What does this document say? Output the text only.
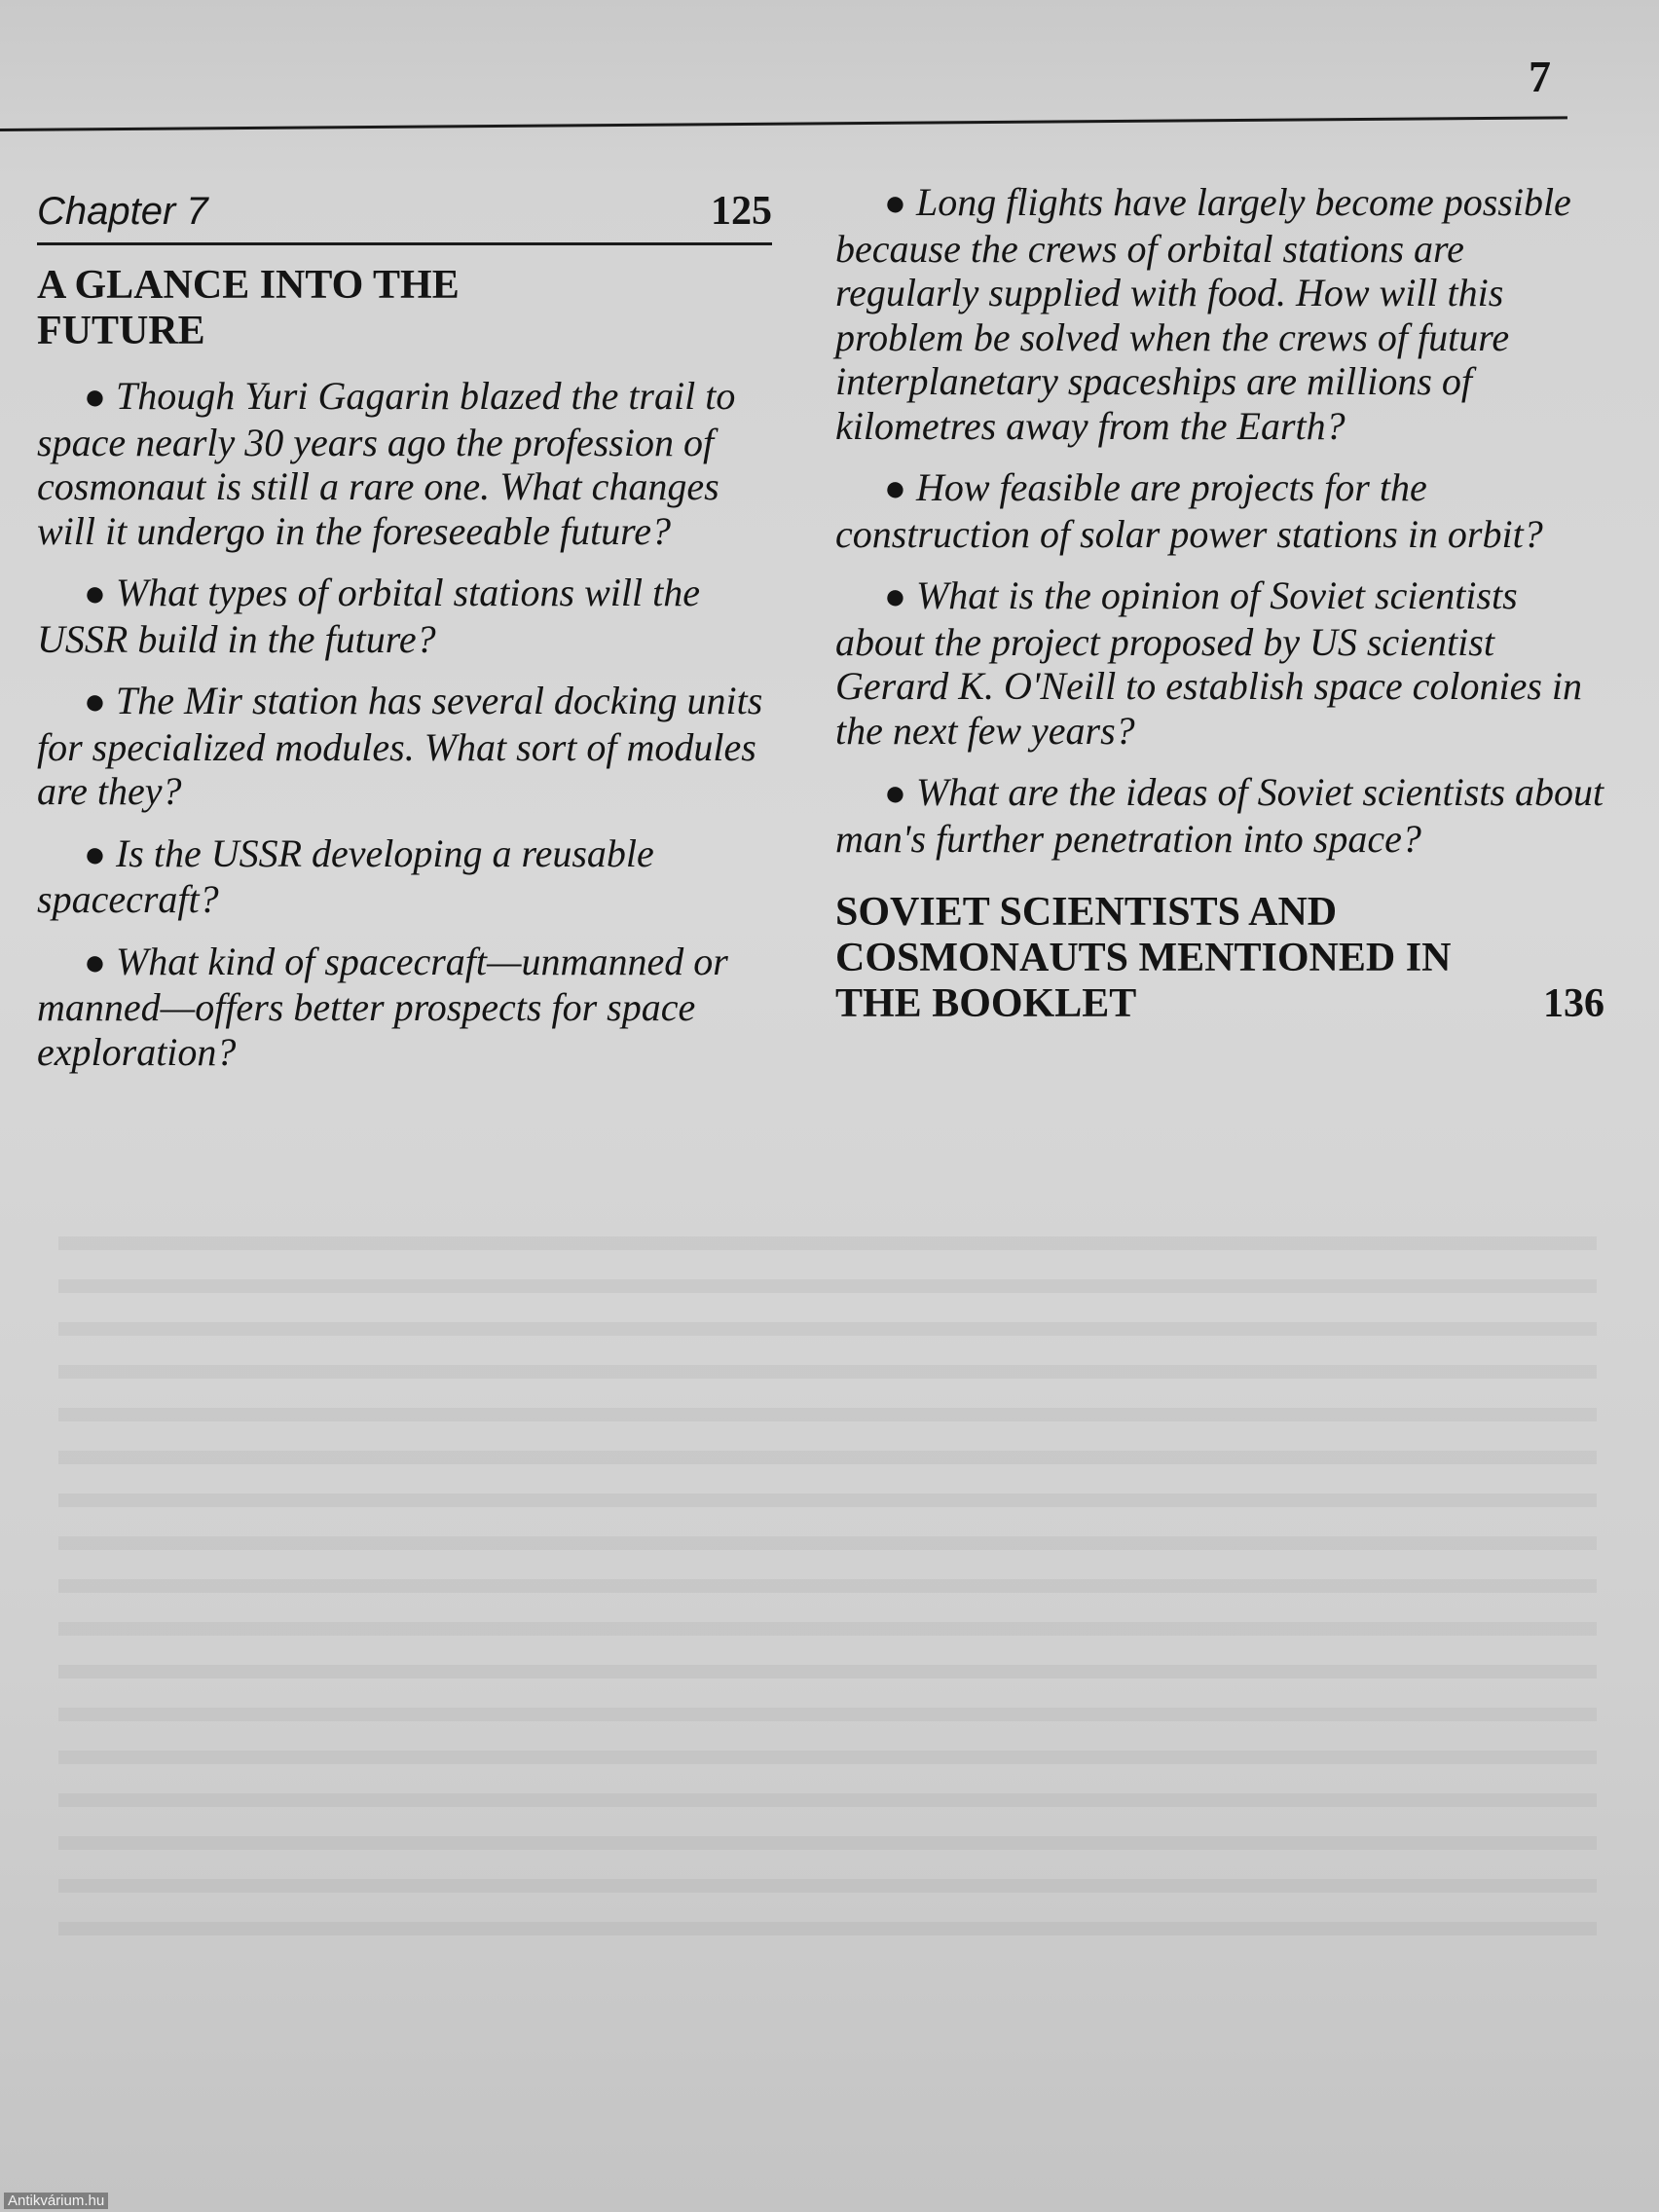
7
Chapter 7	125
A GLANCE INTO THE FUTURE

● Though Yuri Gagarin blazed the trail to space nearly 30 years ago the profession of cosmonaut is still a rare one. What changes will it undergo in the foreseeable future?

● What types of orbital stations will the USSR build in the future?

● The Mir station has several docking units for specialized modules. What sort of modules are they?

● Is the USSR developing a reusable spacecraft?

● What kind of spacecraft—unmanned or manned—offers better prospects for space exploration?

● Long flights have largely become possible because the crews of orbital stations are regularly supplied with food. How will this problem be solved when the crews of future interplanetary spaceships are millions of kilometres away from the Earth?

● How feasible are projects for the construction of solar power stations in orbit?

● What is the opinion of Soviet scientists about the project proposed by US scientist Gerard K. O'Neill to establish space colonies in the next few years?

● What are the ideas of Soviet scientists about man's further penetration into space?

SOVIET SCIENTISTS AND COSMONAUTS MENTIONED IN THE BOOKLET	136
Antikvárium.hu
